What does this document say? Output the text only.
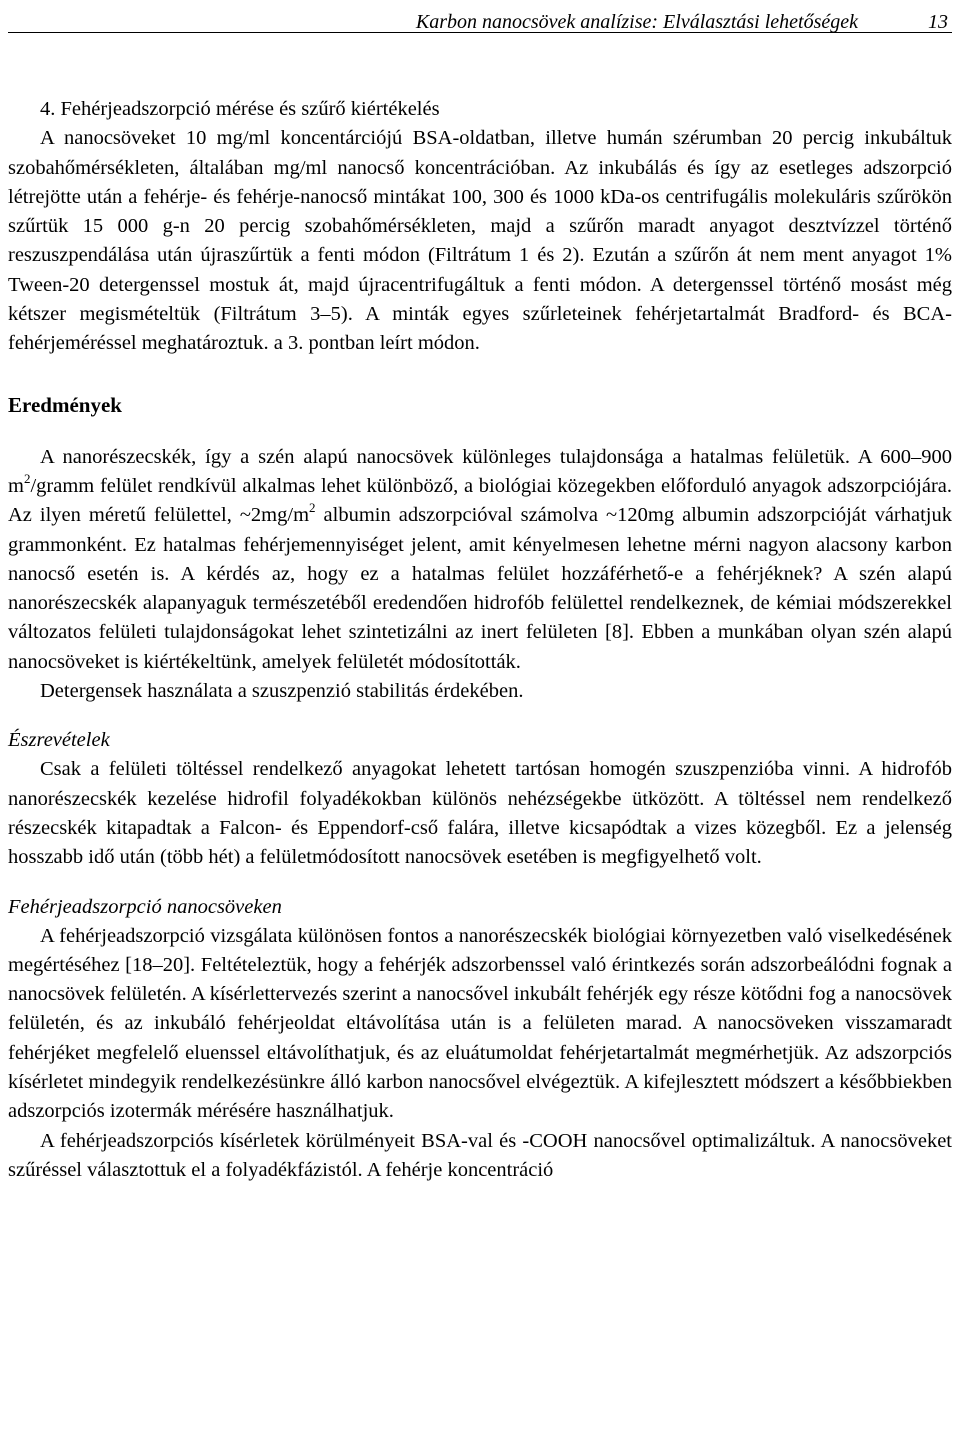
Karbon nanocsövek analízise: Elválasztási lehetőségek	13

4. Fehérjeadszorpció mérése és szűrő kiértékelés

A nanocsöveket 10 mg/ml koncentárciójú BSA-oldatban, illetve humán szérumban 20 percig inkubáltuk szobahőmérsékleten, általában mg/ml nanocső koncentrációban. Az inkubálás és így az esetleges adszorpció létrejötte után a fehérje- és fehérje-nanocső mintákat 100, 300 és 1000 kDa-os centrifugális molekuláris szűrökön szűrtük 15 000 g-n 20 percig szobahőmérsékleten, majd a szűrőn maradt anyagot desztvízzel történő reszuszpendálása után újraszűrtük a fenti módon (Filtrátum 1 és 2). Ezután a szűrőn át nem ment anyagot 1% Tween-20 detergenssel mostuk át, majd újracentrifugáltuk a fenti módon. A detergenssel történő mosást még kétszer megismételtük (Filtrátum 3–5). A minták egyes szűrleteinek fehérjetartalmát Bradford- és BCA- fehérjeméréssel meghatároztuk. a 3. pontban leírt módon.

Eredmények

A nanorészecskék, így a szén alapú nanocsövek különleges tulajdonsága a hatalmas felületük. A 600–900 $m^2$/gramm felület rendkívül alkalmas lehet különböző, a biológiai közegekben előforduló anyagok adszorpciójára. Az ilyen méretű felülettel, $\sim 2mg/m^2$ albumin adszorpcióval számolva ~120mg albumin adszorpcióját várhatjuk grammonként. Ez hatalmas fehérjemennyiséget jelent, amit kényelmesen lehetne mérni nagyon alacsony karbon nanocső esetén is. A kérdés az, hogy ez a hatalmas felület hozzáférhető-e a fehérjéknek? A szén alapú nanorészecskék alapanyaguk természetéből eredendően hidrofób felülettel rendelkeznek, de kémiai módszerekkel változatos felületi tulajdonságokat lehet szintetizálni az inert felületen [8]. Ebben a munkában olyan szén alapú nanocsöveket is kiértékeltünk, amelyek felületét módosították.

Detergensek használata a szuszpenzió stabilitás érdekében.

Észrevételek

Csak a felületi töltéssel rendelkező anyagokat lehetett tartósan homogén szuszpenzióba vinni. A hidrofób nanorészecskék kezelése hidrofil folyadékokban különös nehézségekbe ütközött. A töltéssel nem rendelkező részecskék kitapadtak a Falcon- és Eppendorf-cső falára, illetve kicsapódtak a vizes közegből. Ez a jelenség hosszabb idő után (több hét) a felületmódosított nanocsövek esetében is megfigyelhető volt.

Fehérjeadszorpció nanocsöveken

A fehérjeadszorpció vizsgálata különösen fontos a nanorészecskék biológiai környezetben való viselkedésének megértéséhez [18–20]. Feltételeztük, hogy a fehérjék adszorbenssel való érintkezés során adszorbeálódni fognak a nanocsövek felületén. A kísérlettervezés szerint a nanocsővel inkubált fehérjék egy része kötődni fog a nanocsövek felületén, és az inkubáló fehérjeoldat eltávolítása után is a felületen marad. A nanocsöveken visszamaradt fehérjéket megfelelő eluenssel eltávolíthatjuk, és az eluátumoldat fehérjetartalmát megmérhetjük. Az adszorpciós kísérletet mindegyik rendelkezésünkre álló karbon nanocsővel elvégeztük. A kifejlesztett módszert a későbbiekben adszorpciós izotermák mérésére használhatjuk.

A fehérjeadszorpciós kísérletek körülményeit BSA-val és -COOH nanocsővel optimalizáltuk. A nanocsöveket szűréssel választottuk el a folyadékfázistól. A fehérje koncentráció
